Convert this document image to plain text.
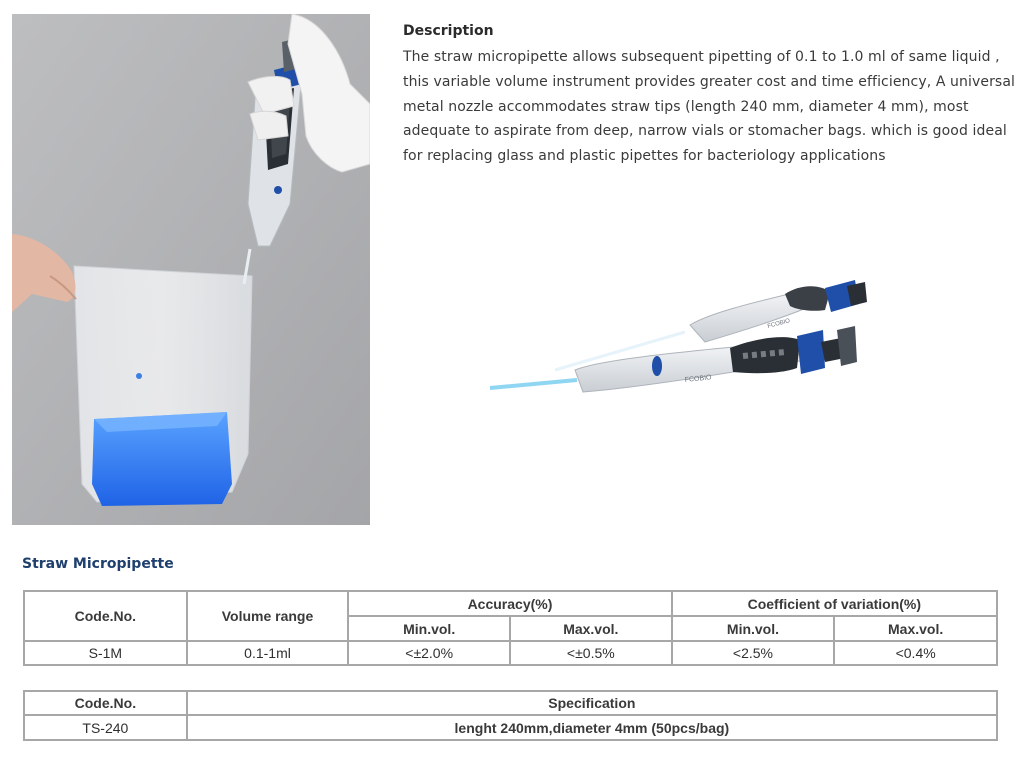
Description

The straw micropipette allows subsequent pipetting of 0.1 to 1.0 ml of same liquid , this variable volume instrument provides greater cost and time efficiency, A universal metal nozzle accommodates straw tips (length 240 mm, diameter 4 mm), most adequate to aspirate from deep, narrow vials or stomacher bags. which is good ideal for replacing glass and plastic pipettes for bacteriology applications

FCOBIO
FCOBIO
Straw Micropipette
Code.No.	Volume range	Accuracy(%)		Coefficient of variation(%)	
		Min.vol.	Max.vol.	Min.vol.	Max.vol.
S-1M	0.1-1ml	<±2.0%	<±0.5%	<2.5%	<0.4%
Code.No.	Specification
TS-240	lenght 240mm,diameter 4mm (50pcs/bag)
